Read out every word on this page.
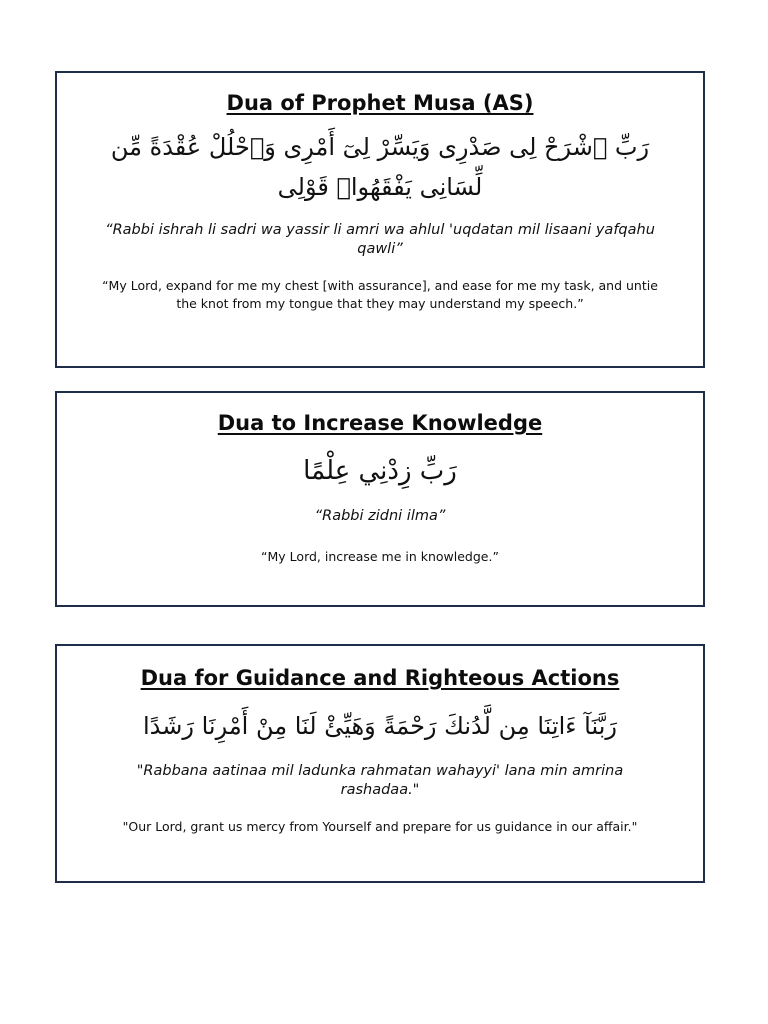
Dua of Prophet Musa (AS)

رَبِّ ٱشْرَحْ لِى صَدْرِى وَيَسِّرْ لِىٓ أَمْرِى وَٱحْلُلْ عُقْدَةً مِّن لِّسَانِى يَفْقَهُوا۟ قَوْلِى

“Rabbi ishrah li sadri wa yassir li amri wa ahlul 'uqdatan mil lisaani yafqahu qawli”

“My Lord, expand for me my chest [with assurance], and ease for me my task, and untie the knot from my tongue that they may understand my speech.”

Dua to Increase Knowledge

رَبِّ زِدْنِي عِلْمًا

“Rabbi zidni ilma”

“My Lord, increase me in knowledge.”

Dua for Guidance and Righteous Actions

رَبَّنَآ ءَاتِنَا مِن لَّدُنكَ رَحْمَةً وَهَيِّئْ لَنَا مِنْ أَمْرِنَا رَشَدًا

"Rabbana aatinaa mil ladunka rahmatan wahayyi' lana min amrina rashadaa."

"Our Lord, grant us mercy from Yourself and prepare for us guidance in our affair."
